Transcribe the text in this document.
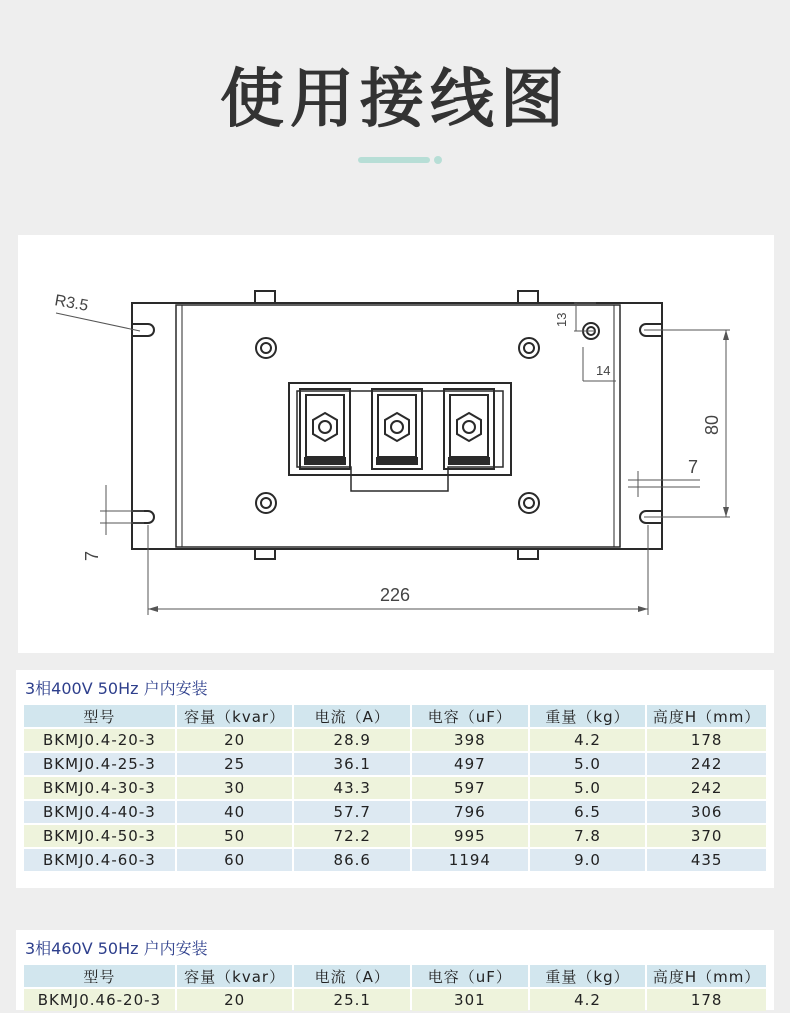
使用接线图
R3.5
13
14
80
7
7
226
3相400V 50Hz 户内安装
型号	容量（kvar）	电流（A）	电容（uF）	重量（kg）	高度H（mm）
BKMJ0.4-20-3	20	28.9	398	4.2	178
BKMJ0.4-25-3	25	36.1	497	5.0	242
BKMJ0.4-30-3	30	43.3	597	5.0	242
BKMJ0.4-40-3	40	57.7	796	6.5	306
BKMJ0.4-50-3	50	72.2	995	7.8	370
BKMJ0.4-60-3	60	86.6	1194	9.0	435
3相460V 50Hz 户内安装
型号	容量（kvar）	电流（A）	电容（uF）	重量（kg）	高度H（mm）
BKMJ0.46-20-3	20	25.1	301	4.2	178
